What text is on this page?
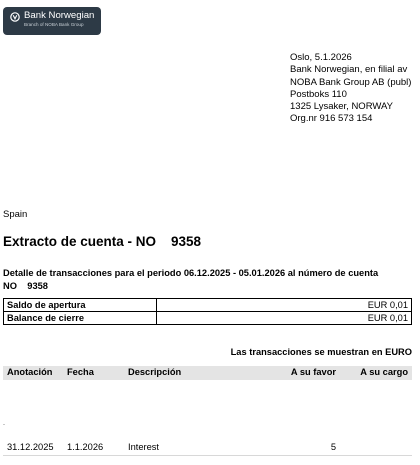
Bank Norwegian
Branch of NOBA Bank Group
Oslo, 5.1.2026
Bank Norwegian, en filial av
NOBA Bank Group AB (publ)
Postboks 110
1325 Lysaker, NORWAY
Org.nr 916 573 154
Spain
Extracto de cuenta - NO    9358
Detalle de transacciones para el periodo 06.12.2025 - 05.01.2026 al número de cuenta
NO    9358
Saldo de apertura	EUR 0,01
Balance de cierre	EUR 0,01
Las transacciones se muestran en EURO
Anotación Fecha	Descripción	A su favor	A su cargo
31.12.2025 1.1.2026	Interest	5
